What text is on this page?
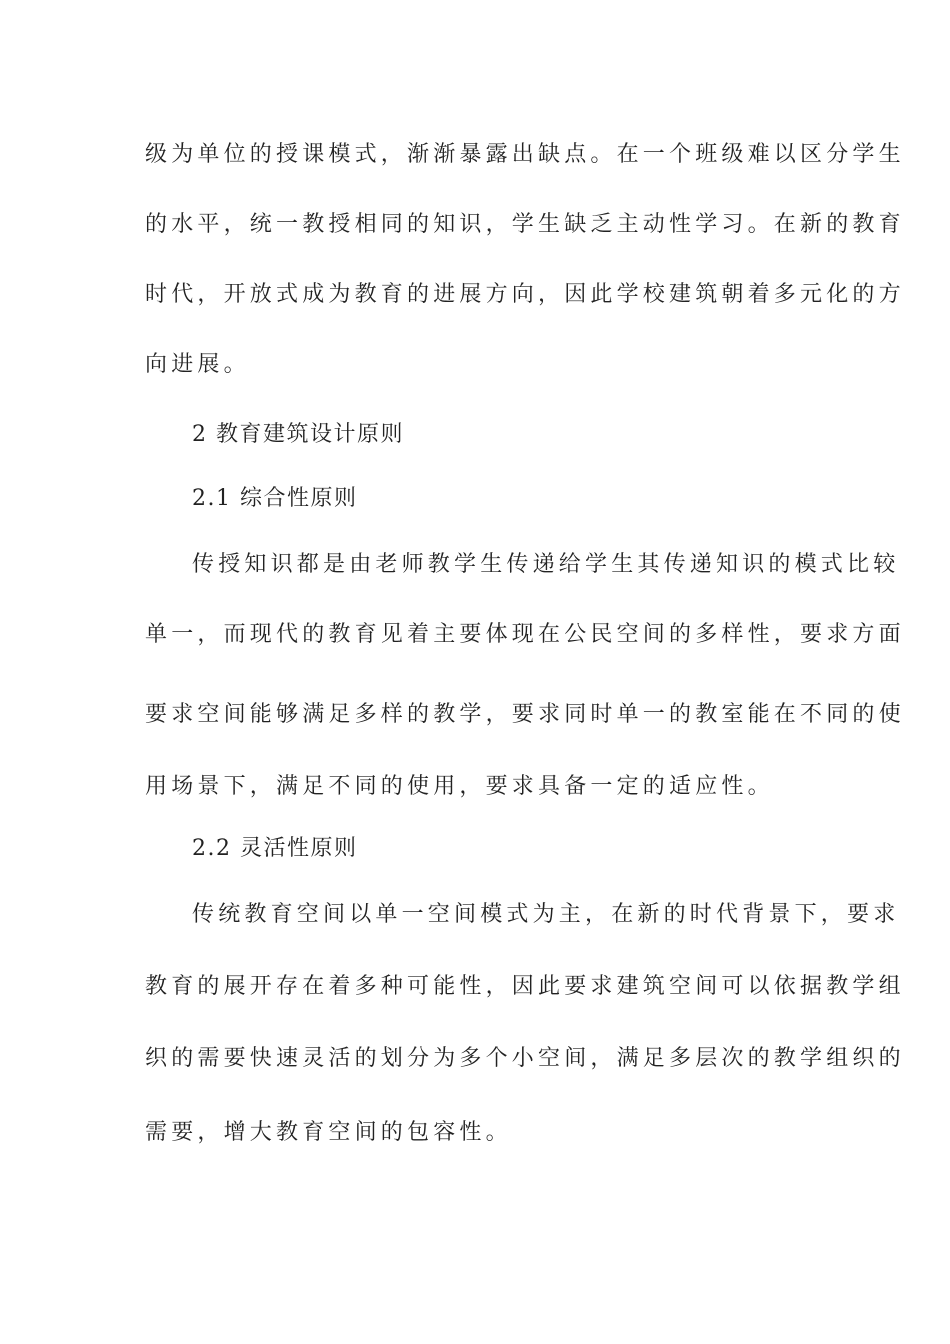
级为单位的授课模式，渐渐暴露出缺点。在一个班级难以区分学生
的水平，统一教授相同的知识，学生缺乏主动性学习。在新的教育
时代，开放式成为教育的进展方向，因此学校建筑朝着多元化的方
向进展。
2 教育建筑设计原则
2.1 综合性原则
传授知识都是由老师教学生传递给学生其传递知识的模式比较
单一，而现代的教育见着主要体现在公民空间的多样性，要求方面
要求空间能够满足多样的教学，要求同时单一的教室能在不同的使
用场景下，满足不同的使用，要求具备一定的适应性。
2.2 灵活性原则
传统教育空间以单一空间模式为主，在新的时代背景下，要求
教育的展开存在着多种可能性，因此要求建筑空间可以依据教学组
织的需要快速灵活的划分为多个小空间，满足多层次的教学组织的
需要，增大教育空间的包容性。
